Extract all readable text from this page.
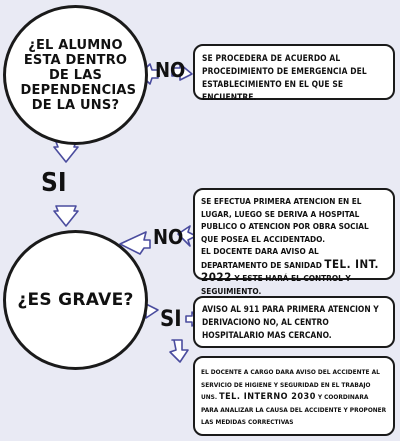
¿EL ALUMNO ESTA DENTRO DE LAS DEPENDENCIAS DE LA UNS?
NO
SI
SE PROCEDERA DE ACUERDO AL PROCEDIMIENTO DE EMERGENCIA DEL ESTABLECIMIENTO EN EL QUE SE ENCUENTRE.
¿ES GRAVE?
NO
SI
SE EFECTUA PRIMERA ATENCION EN EL LUGAR, LUEGO SE DERIVA A HOSPITAL PUBLICO O ATENCION POR OBRA SOCIAL QUE POSEA EL ACCIDENTADO.
EL DOCENTE DARA AVISO AL DEPARTAMENTO DE SANIDAD TEL. INT. 2022 Y ESTE HARÁ EL CONTROL Y SEGUIMIENTO.
AVISO AL 911 PARA PRIMERA ATENCION Y DERIVACIONO NO, AL CENTRO HOSPITALARIO MAS CERCANO.
EL DOCENTE A CARGO DARA AVISO DEL ACCIDENTE AL SERVICIO DE HIGIENE Y SEGURIDAD EN EL TRABAJO UNS. TEL. INTERNO 2030 Y COORDINARA PARA ANALIZAR LA CAUSA DEL ACCIDENTE Y PROPONER LAS MEDIDAS CORRECTIVAS
